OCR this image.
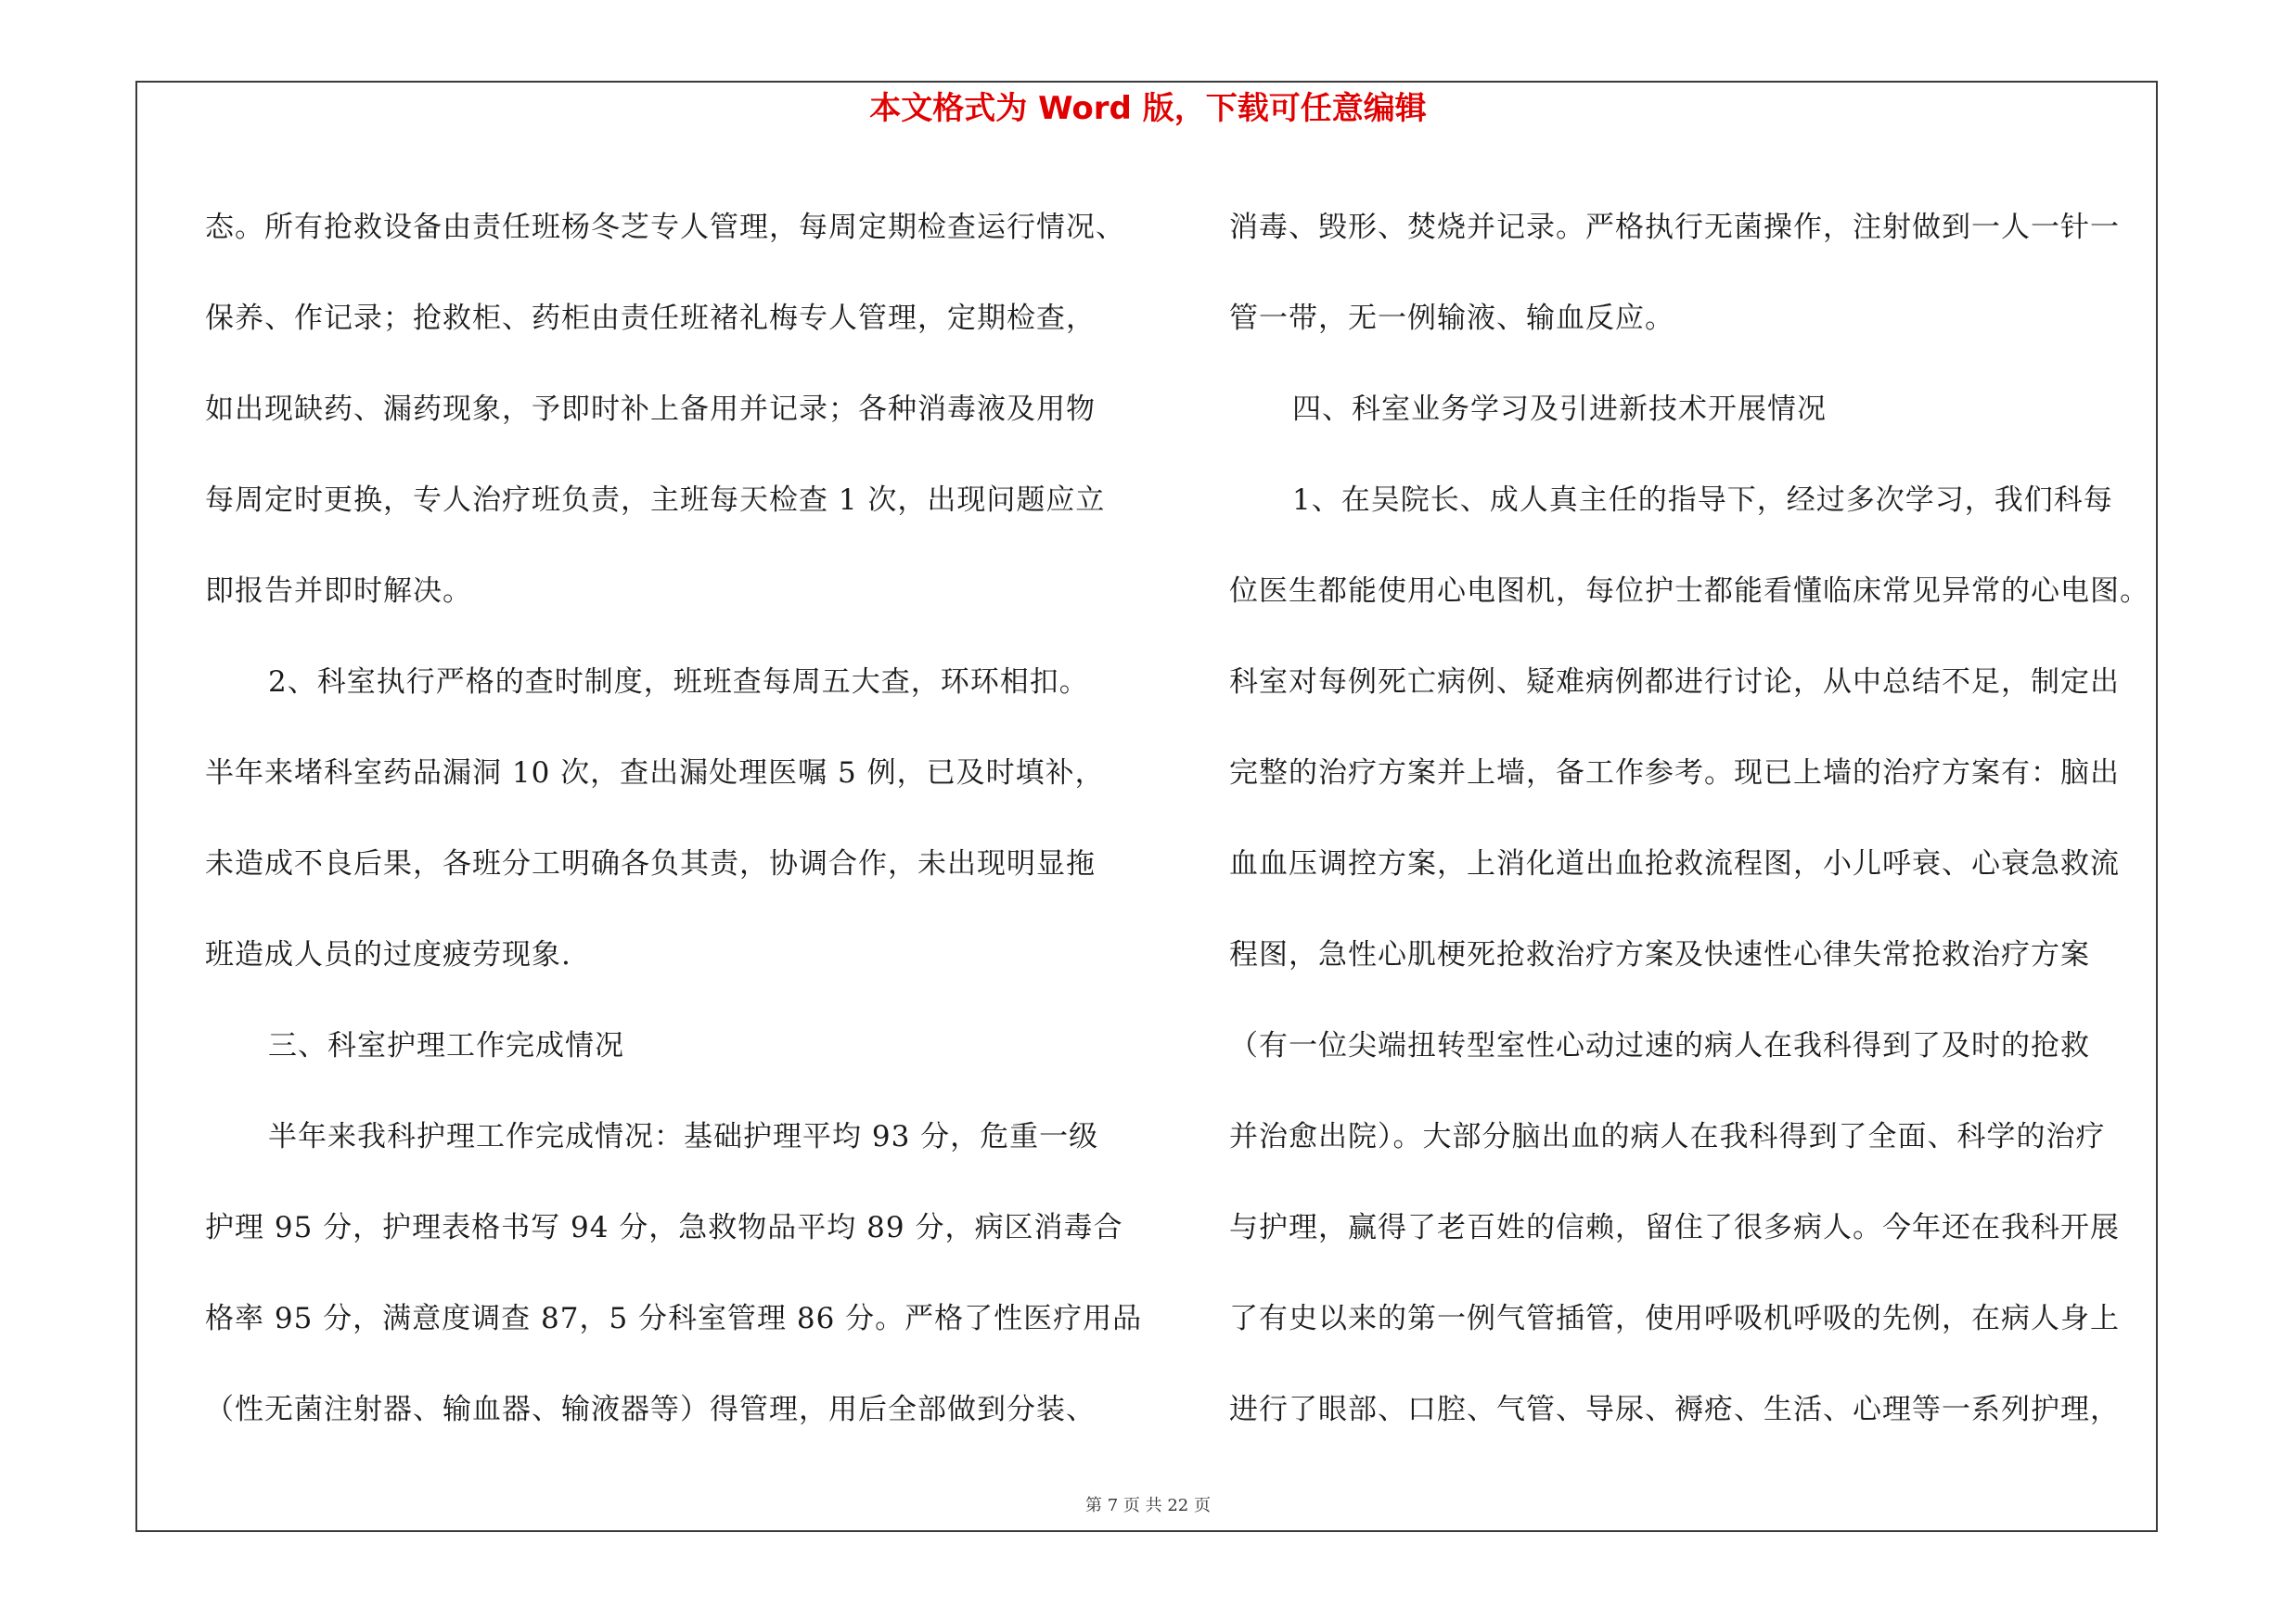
本文格式为 Word 版，下载可任意编辑
态。所有抢救设备由责任班杨冬芝专人管理，每周定期检查运行情况、
保养、作记录；抢救柜、药柜由责任班褚礼梅专人管理，定期检查，
如出现缺药、漏药现象，予即时补上备用并记录；各种消毒液及用物
每周定时更换，专人治疗班负责，主班每天检查 1 次，出现问题应立
即报告并即时解决。
2、科室执行严格的查时制度，班班查每周五大查，环环相扣。
半年来堵科室药品漏洞 10 次，查出漏处理医嘱 5 例，已及时填补，
未造成不良后果，各班分工明确各负其责，协调合作，未出现明显拖
班造成人员的过度疲劳现象.
三、科室护理工作完成情况
半年来我科护理工作完成情况：基础护理平均 93 分，危重一级
护理 95 分，护理表格书写 94 分，急救物品平均 89 分，病区消毒合
格率 95 分，满意度调查 87，5 分科室管理 86 分。严格了性医疗用品
（性无菌注射器、输血器、输液器等）得管理，用后全部做到分装、
消毒、毁形、焚烧并记录。严格执行无菌操作，注射做到一人一针一
管一带，无一例输液、输血反应。
四、科室业务学习及引进新技术开展情况
1、在吴院长、成人真主任的指导下，经过多次学习，我们科每
位医生都能使用心电图机，每位护士都能看懂临床常见异常的心电图。
科室对每例死亡病例、疑难病例都进行讨论，从中总结不足，制定出
完整的治疗方案并上墙，备工作参考。现已上墙的治疗方案有：脑出
血血压调控方案，上消化道出血抢救流程图，小儿呼衰、心衰急救流
程图，急性心肌梗死抢救治疗方案及快速性心律失常抢救治疗方案
（有一位尖端扭转型室性心动过速的病人在我科得到了及时的抢救
并治愈出院）。大部分脑出血的病人在我科得到了全面、科学的治疗
与护理，赢得了老百姓的信赖，留住了很多病人。今年还在我科开展
了有史以来的第一例气管插管，使用呼吸机呼吸的先例，在病人身上
进行了眼部、口腔、气管、导尿、褥疮、生活、心理等一系列护理，
第 7 页 共 22 页
